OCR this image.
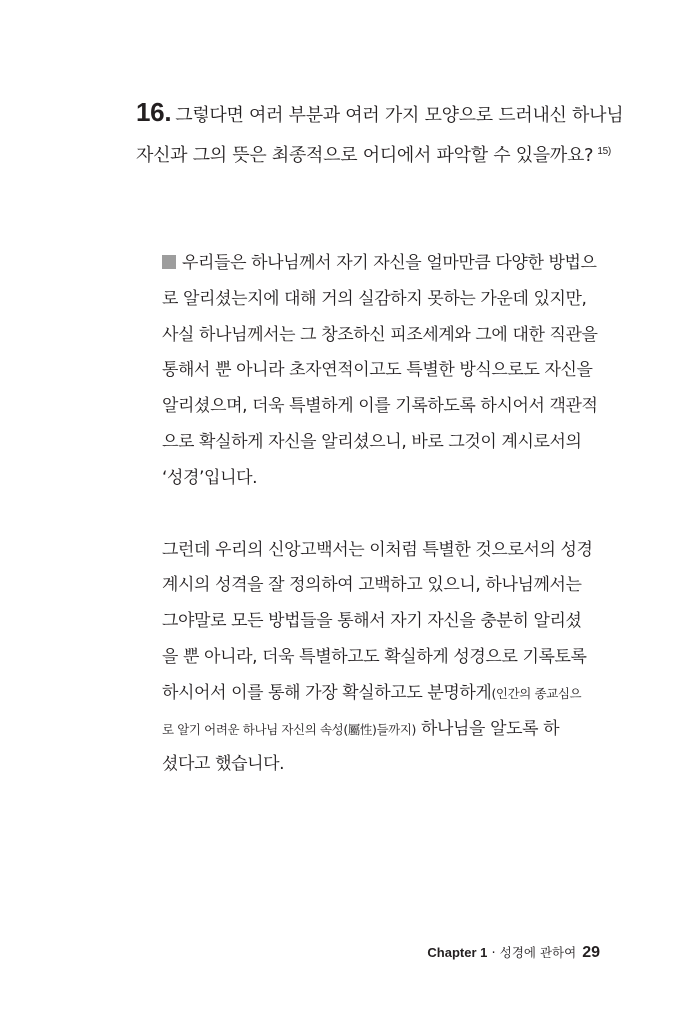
16. 그렇다면 여러 부분과 여러 가지 모양으로 드러내신 하나님
자신과 그의 뜻은 최종적으로 어디에서 파악할 수 있을까요? $^{15)}$
우리들은 하나님께서 자기 자신을 얼마만큼 다양한 방법으
로 알리셨는지에 대해 거의 실감하지 못하는 가운데 있지만,
사실 하나님께서는 그 창조하신 피조세계와 그에 대한 직관을
통해서 뿐 아니라 초자연적이고도 특별한 방식으로도 자신을
알리셨으며, 더욱 특별하게 이를 기록하도록 하시어서 객관적
으로 확실하게 자신을 알리셨으니, 바로 그것이 계시로서의
‘성경’입니다.
그런데 우리의 신앙고백서는 이처럼 특별한 것으로서의 성경
계시의 성격을 잘 정의하여 고백하고 있으니, 하나님께서는
그야말로 모든 방법들을 통해서 자기 자신을 충분히 알리셨
을 뿐 아니라, 더욱 특별하고도 확실하게 성경으로 기록토록
하시어서 이를 통해 가장 확실하고도 분명하게(인간의 종교심으
로 알기 어려운 하나님 자신의 속성(屬性)들까지) 하나님을 알도록 하
셨다고 했습니다.
Chapter 1 · 성경에 관하여 29
